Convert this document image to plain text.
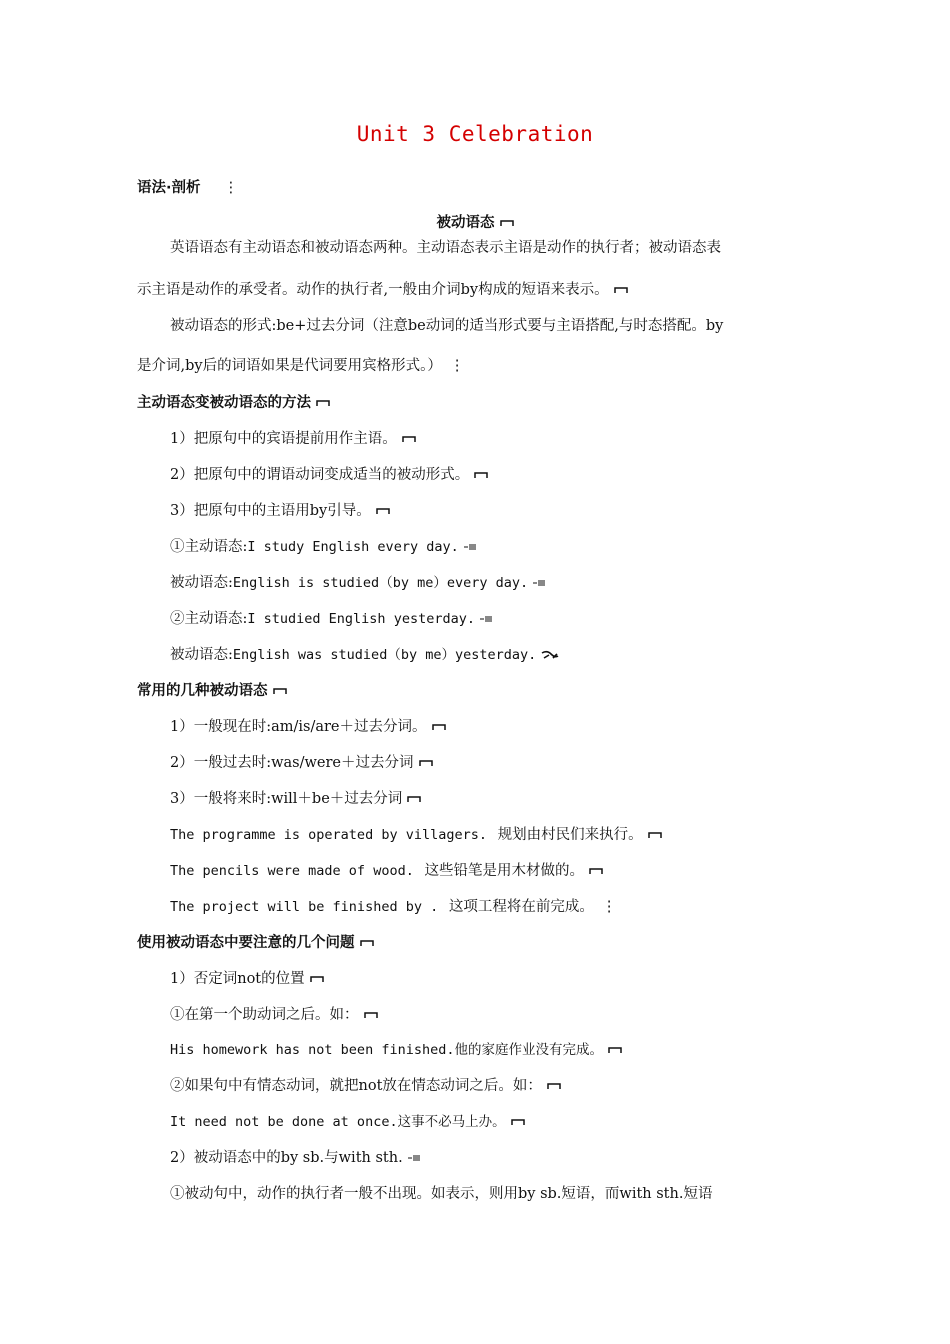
Unit 3 Celebration
语法·剖析 ⋮
被动语态
英语语态有主动语态和被动语态两种。主动语态表示主语是动作的执行者；被动语态表
示主语是动作的承受者。动作的执行者,一般由介词by构成的短语来表示。
被动语态的形式:be+过去分词（注意be动词的适当形式要与主语搭配,与时态搭配。by
是介词,by后的词语如果是代词要用宾格形式。） ⋮
主动语态变被动语态的方法
1）把原句中的宾语提前用作主语。
2）把原句中的谓语动词变成适当的被动形式。
3）把原句中的主语用by引导。
①主动语态:I study English every day.
被动语态:English is studied（by me）every day.
②主动语态:I studied English yesterday.
被动语态:English was studied（by me）yesterday.
常用的几种被动语态
1）一般现在时:am/is/are＋过去分词。
2）一般过去时:was/were＋过去分词
3）一般将来时:will＋be＋过去分词
The programme is operated by villagers. 规划由村民们来执行。
The pencils were made of wood. 这些铅笔是用木材做的。
The project will be finished by . 这项工程将在前完成。 ⋮
使用被动语态中要注意的几个问题
1）否定词not的位置
①在第一个助动词之后。如：
His homework has not been finished.他的家庭作业没有完成。
②如果句中有情态动词，就把not放在情态动词之后。如：
It need not be done at once.这事不必马上办。
2）被动语态中的by sb.与with sth.
①被动句中，动作的执行者一般不出现。如表示，则用by sb.短语，而with sth.短语
